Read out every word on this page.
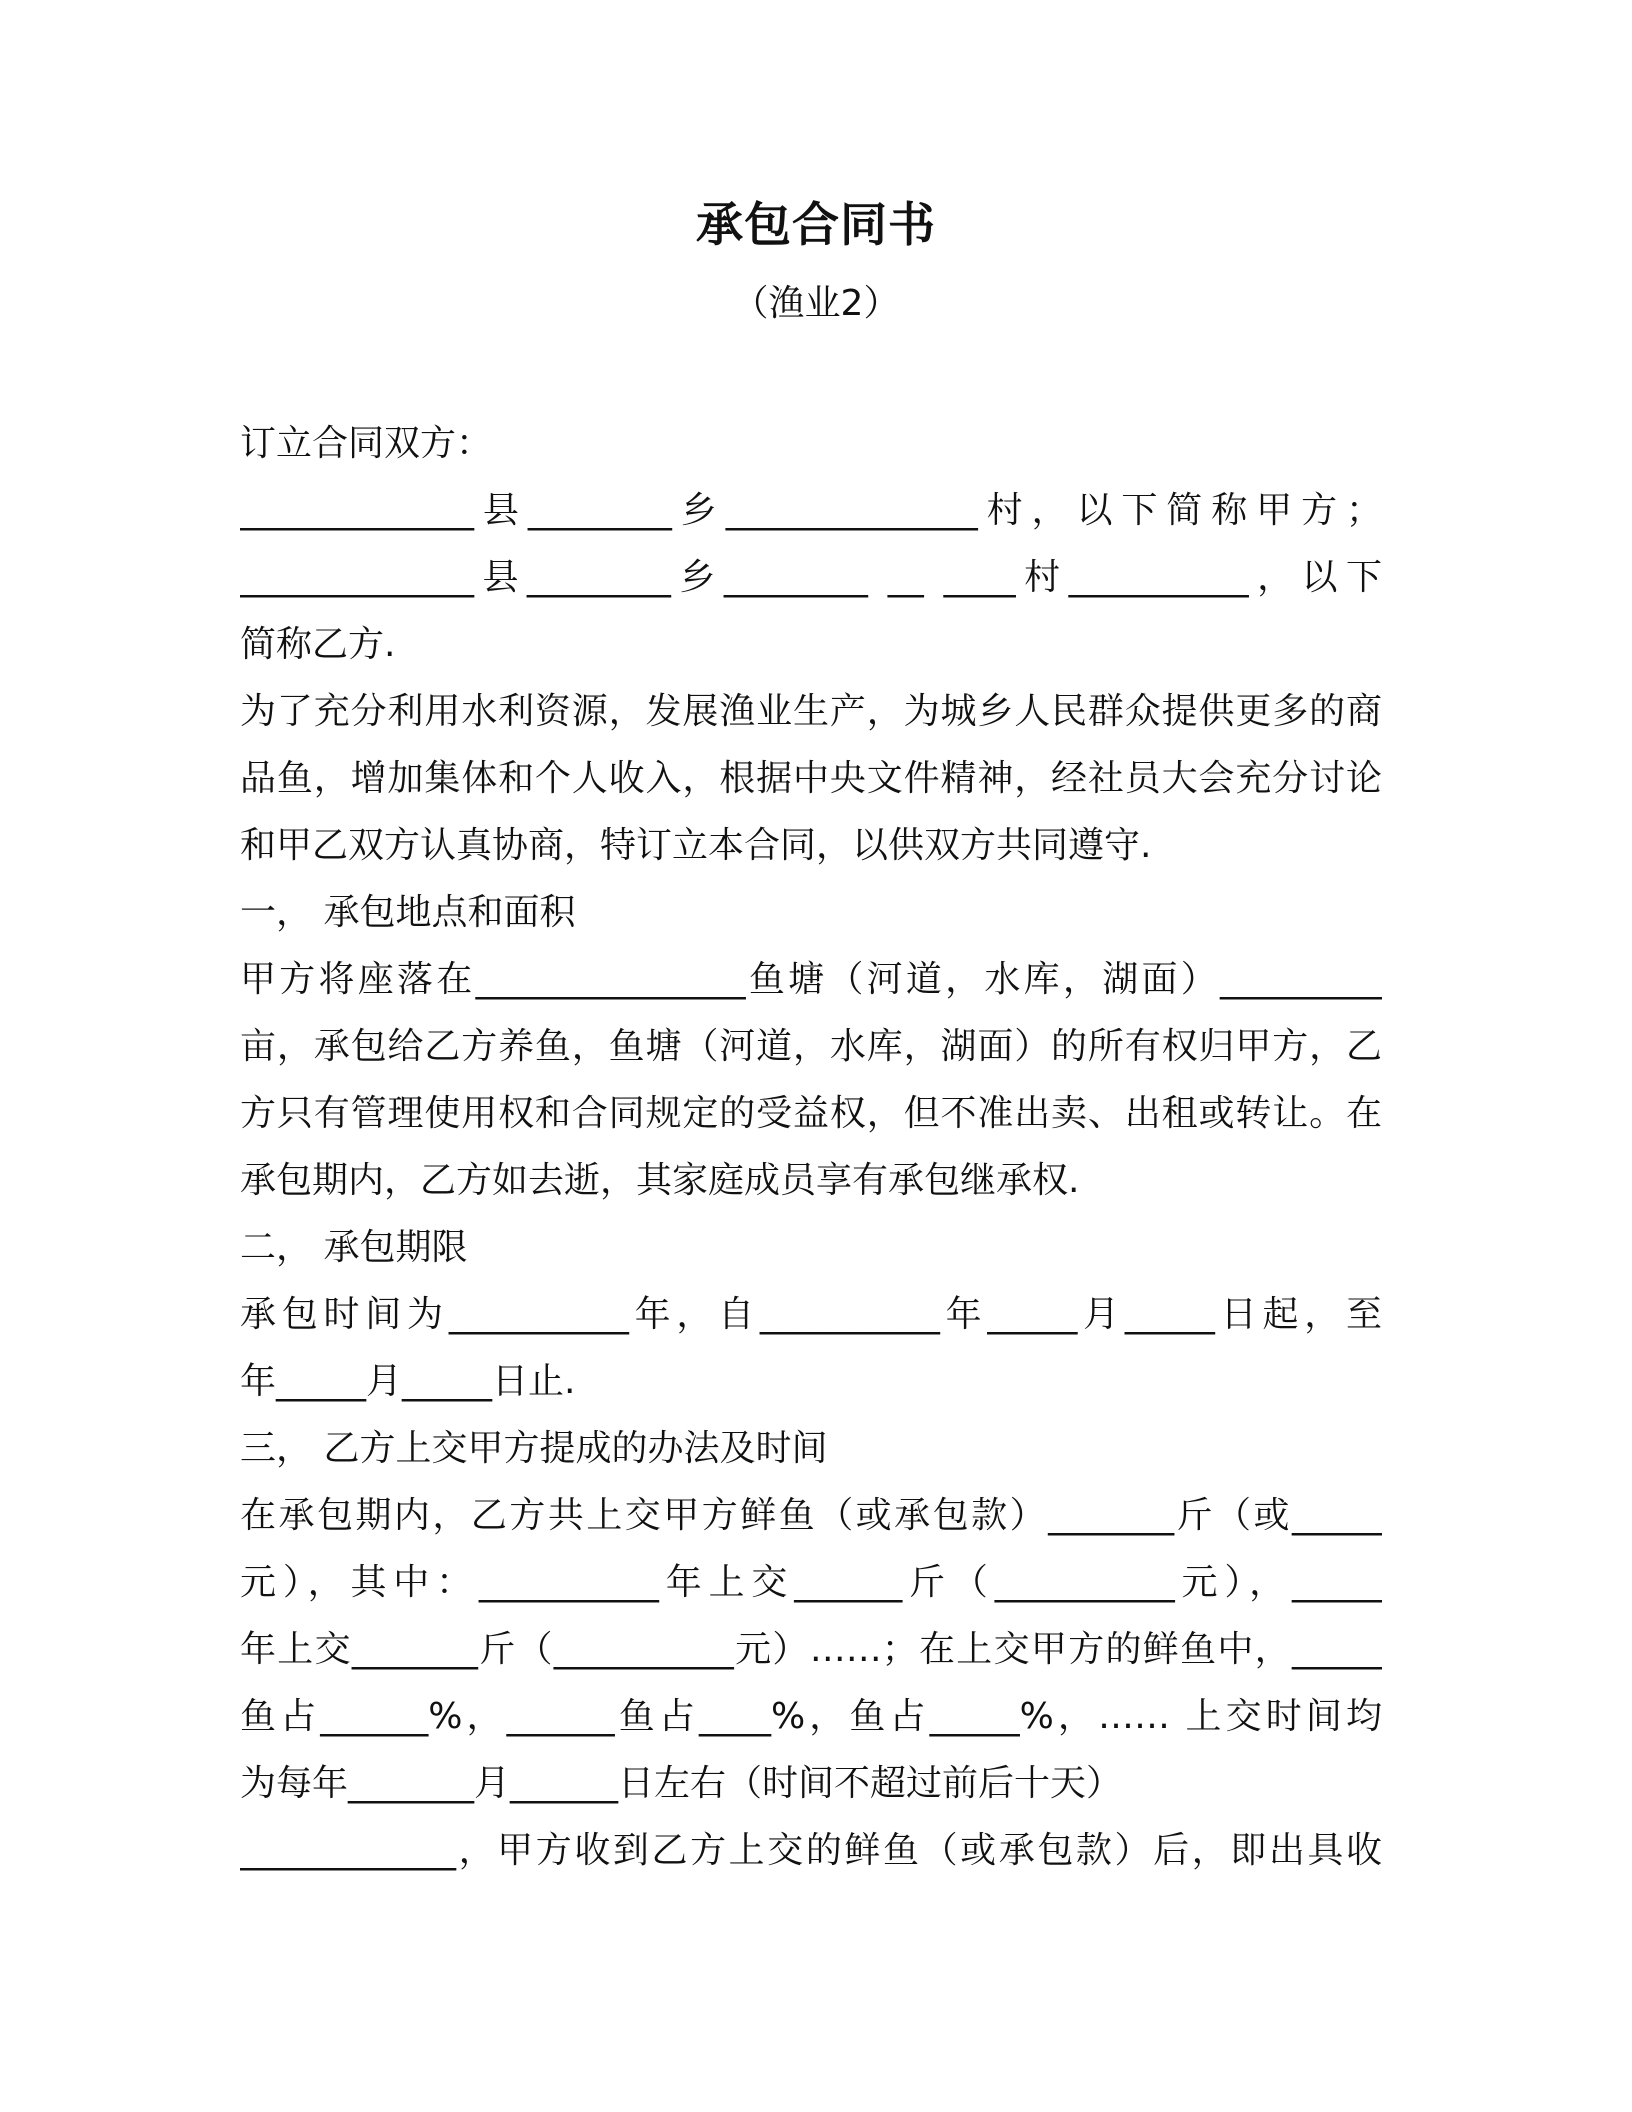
承包合同书
（渔业2）
订立合同双方：
_____________县________乡______________村，以下简称甲方；
_____________县________乡________ __ ____村__________，以下
简称乙方.
为了充分利用水利资源，发展渔业生产，为城乡人民群众提供更多的商
品鱼，增加集体和个人收入，根据中央文件精神，经社员大会充分讨论
和甲乙双方认真协商，特订立本合同，以供双方共同遵守.
一， 承包地点和面积
甲方将座落在_______________鱼塘（河道，水库，湖面）_________
亩，承包给乙方养鱼，鱼塘（河道，水库，湖面）的所有权归甲方，乙
方只有管理使用权和合同规定的受益权，但不准出卖、出租或转让。在
承包期内，乙方如去逝，其家庭成员享有承包继承权.
二， 承包期限
承包时间为__________年，自__________年_____月_____日起，至
年_____月_____日止.
三， 乙方上交甲方提成的办法及时间
在承包期内，乙方共上交甲方鲜鱼（或承包款）_______斤（或_____
元），其中：__________年上交______斤（__________元），_____
年上交_______斤（__________元）……；在上交甲方的鲜鱼中，_____
鱼占______%，______鱼占____%，鱼占_____%，…… 上交时间均
为每年_______月______日左右（时间不超过前后十天）
____________，甲方收到乙方上交的鲜鱼（或承包款）后，即出具收
